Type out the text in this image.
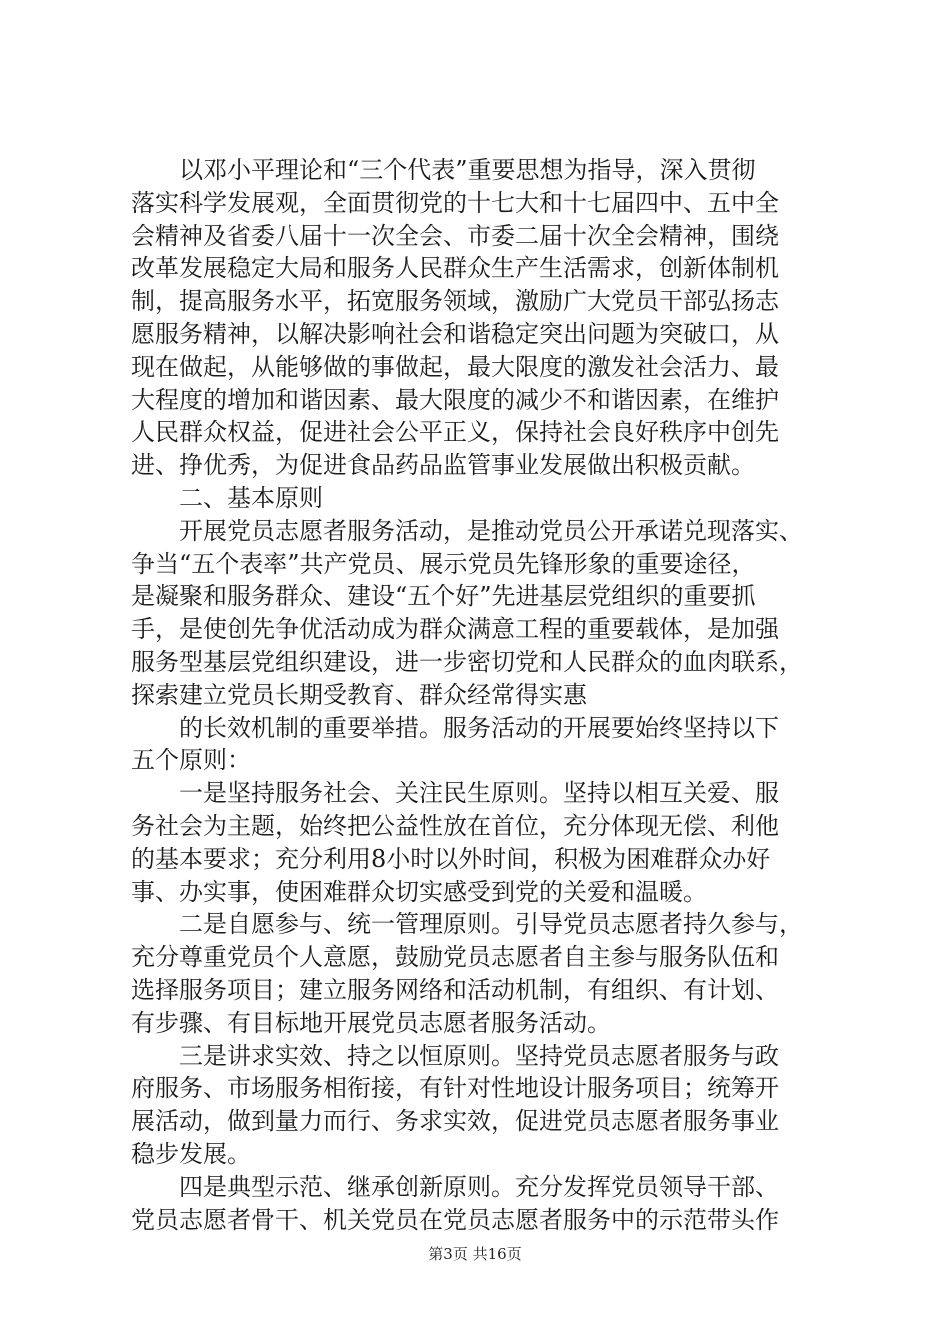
　　以邓小平理论和“三个代表”重要思想为指导，深入贯彻
落实科学发展观，全面贯彻党的十七大和十七届四中、五中全
会精神及省委八届十一次全会、市委二届十次全会精神，围绕
改革发展稳定大局和服务人民群众生产生活需求，创新体制机
制，提高服务水平，拓宽服务领域，激励广大党员干部弘扬志
愿服务精神，以解决影响社会和谐稳定突出问题为突破口，从
现在做起，从能够做的事做起，最大限度的激发社会活力、最
大程度的增加和谐因素、最大限度的减少不和谐因素，在维护
人民群众权益，促进社会公平正义，保持社会良好秩序中创先
进、挣优秀，为促进食品药品监管事业发展做出积极贡献。
　　二、基本原则
　　开展党员志愿者服务活动，是推动党员公开承诺兑现落实、
争当“五个表率”共产党员、展示党员先锋形象的重要途径，
是凝聚和服务群众、建设“五个好”先进基层党组织的重要抓
手，是使创先争优活动成为群众满意工程的重要载体，是加强
服务型基层党组织建设，进一步密切党和人民群众的血肉联系，
探索建立党员长期受教育、群众经常得实惠
　　的长效机制的重要举措。服务活动的开展要始终坚持以下
五个原则：
　　一是坚持服务社会、关注民生原则。坚持以相互关爱、服
务社会为主题，始终把公益性放在首位，充分体现无偿、利他
的基本要求；充分利用8小时以外时间，积极为困难群众办好
事、办实事，使困难群众切实感受到党的关爱和温暖。
　　二是自愿参与、统一管理原则。引导党员志愿者持久参与，
充分尊重党员个人意愿，鼓励党员志愿者自主参与服务队伍和
选择服务项目；建立服务网络和活动机制，有组织、有计划、
有步骤、有目标地开展党员志愿者服务活动。
　　三是讲求实效、持之以恒原则。坚持党员志愿者服务与政
府服务、市场服务相衔接，有针对性地设计服务项目；统筹开
展活动，做到量力而行、务求实效，促进党员志愿者服务事业
稳步发展。
　　四是典型示范、继承创新原则。充分发挥党员领导干部、
党员志愿者骨干、机关党员在党员志愿者服务中的示范带头作
第3页 共16页
